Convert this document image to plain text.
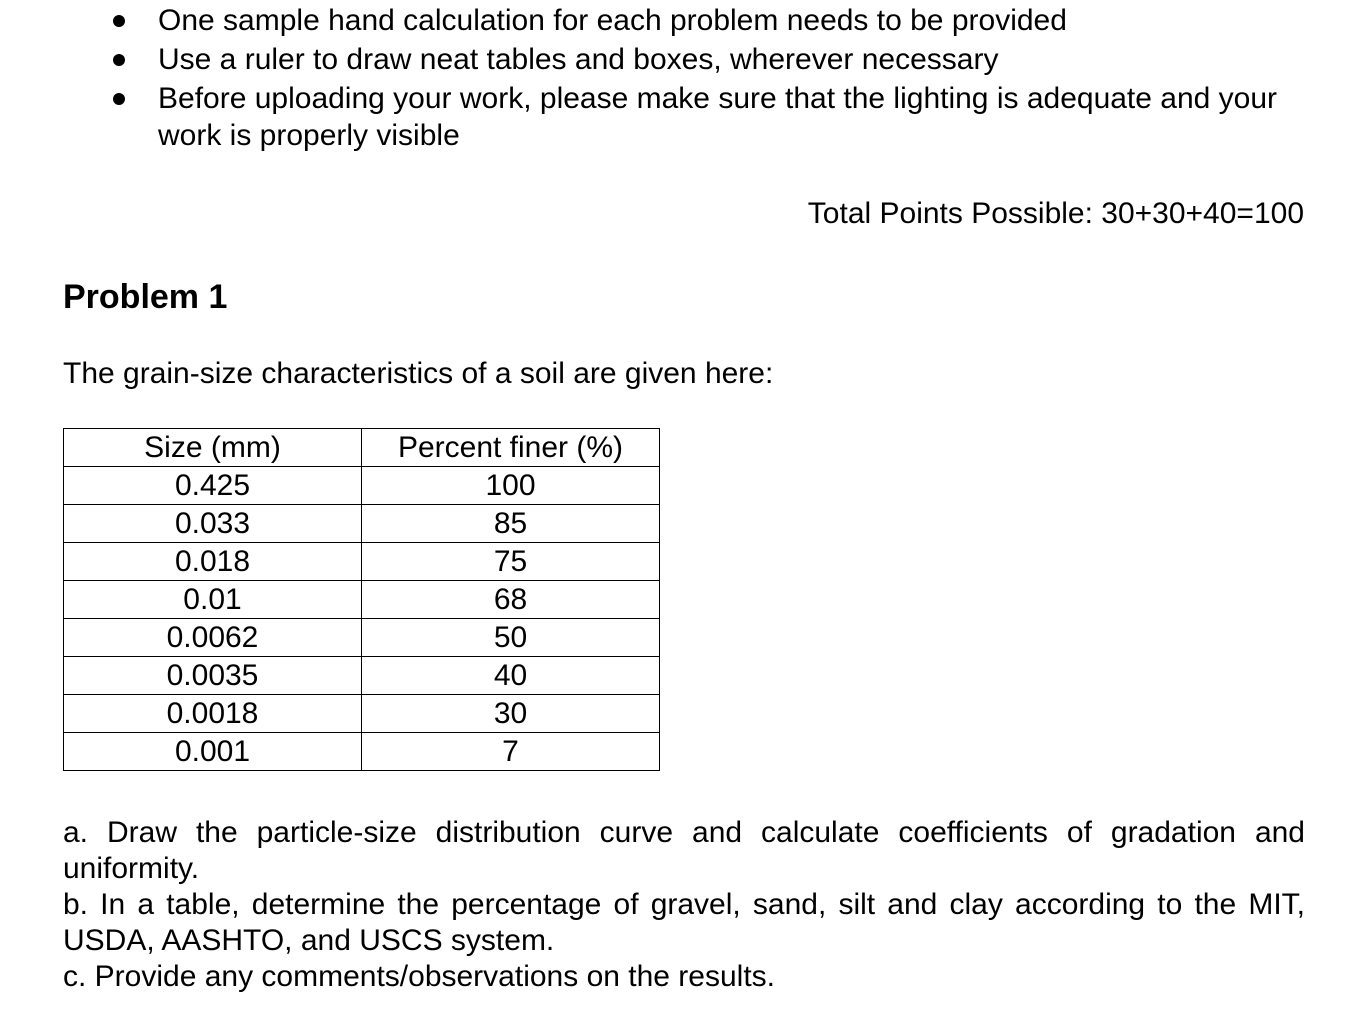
One sample hand calculation for each problem needs to be provided
Use a ruler to draw neat tables and boxes, wherever necessary
Before uploading your work, please make sure that the lighting is adequate and your work is properly visible
Total Points Possible: 30+30+40=100
Problem 1
The grain-size characteristics of a soil are given here:
Size (mm)	Percent finer (%)
0.425	100
0.033	85
0.018	75
0.01	68
0.0062	50
0.0035	40
0.0018	30
0.001	7
a. Draw the particle-size distribution curve and calculate coefficients of gradation and uniformity.
b. In a table, determine the percentage of gravel, sand, silt and clay according to the MIT, USDA, AASHTO, and USCS system.
c. Provide any comments/observations on the results.
